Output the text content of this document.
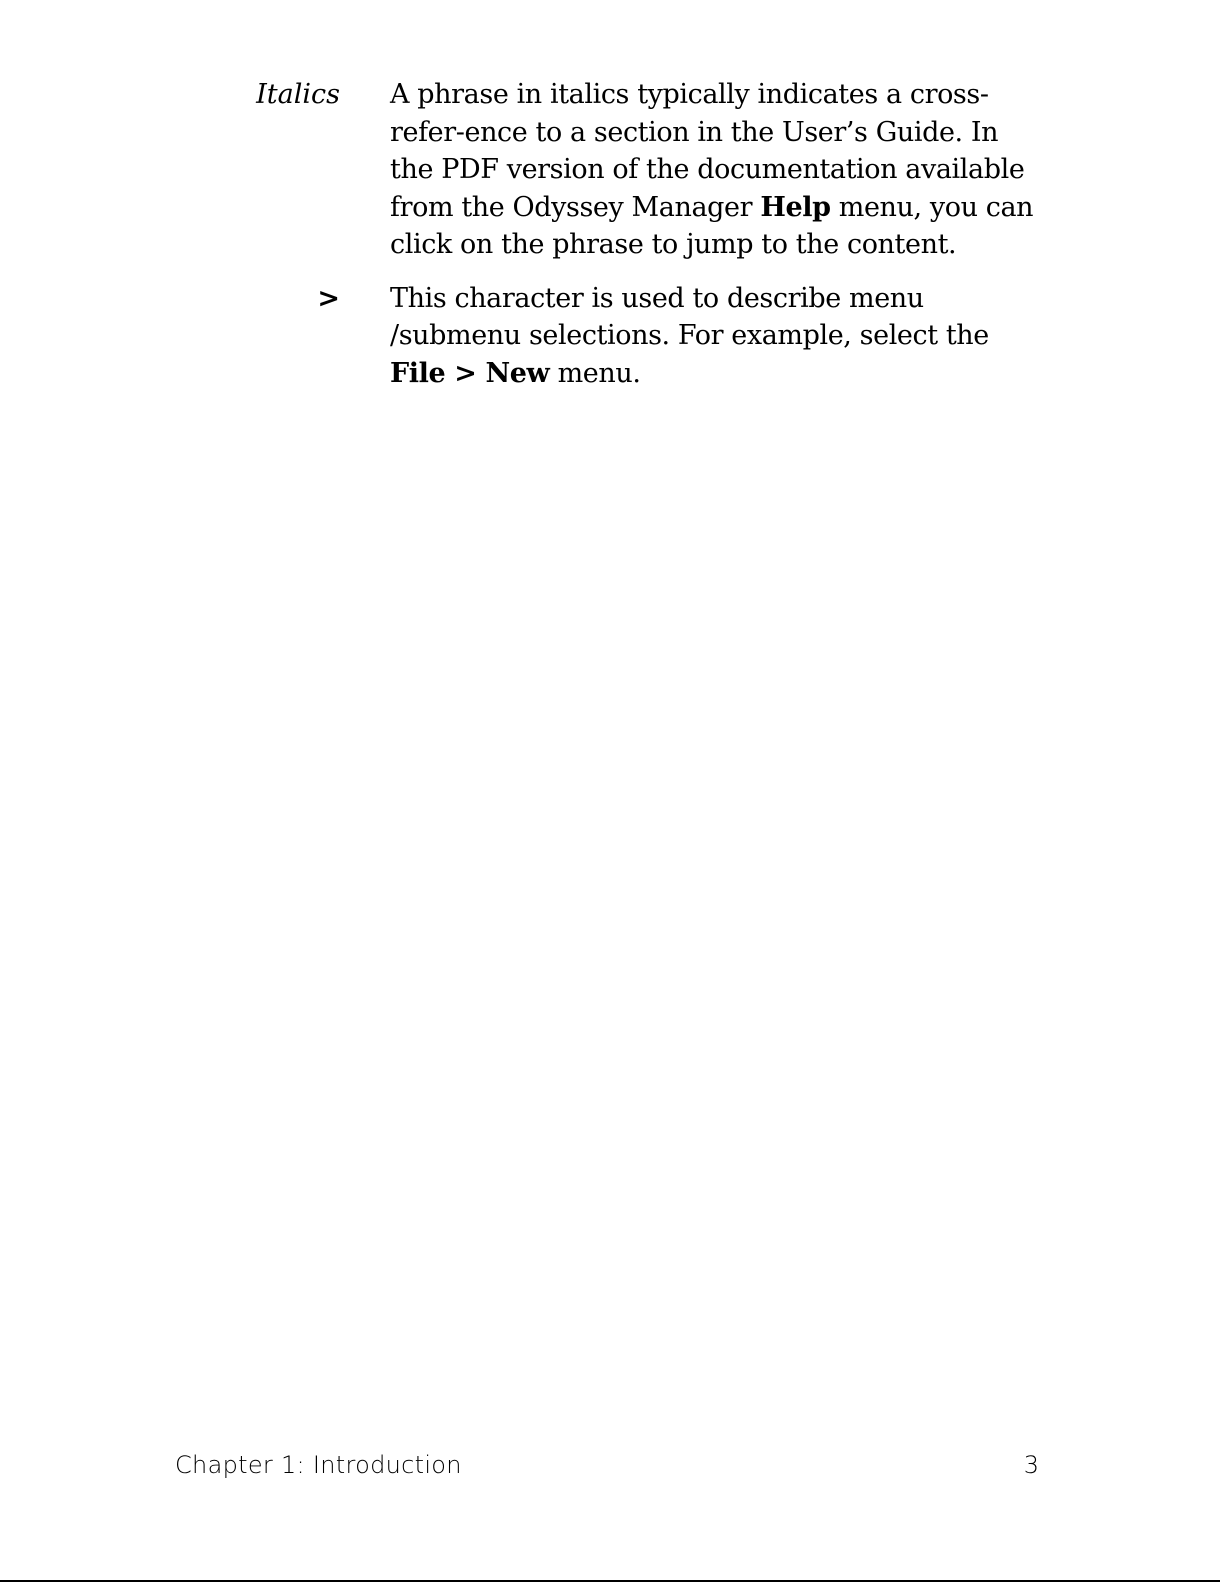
Italics A phrase in italics typically indicates a cross-refer-ence to a section in the User’s Guide. In the PDF version of the documentation available from the Odyssey Manager Help menu, you can click on the phrase to jump to the content.
> This character is used to describe menu /submenu selections. For example, select the File > New menu.
Chapter 1: Introduction	3
